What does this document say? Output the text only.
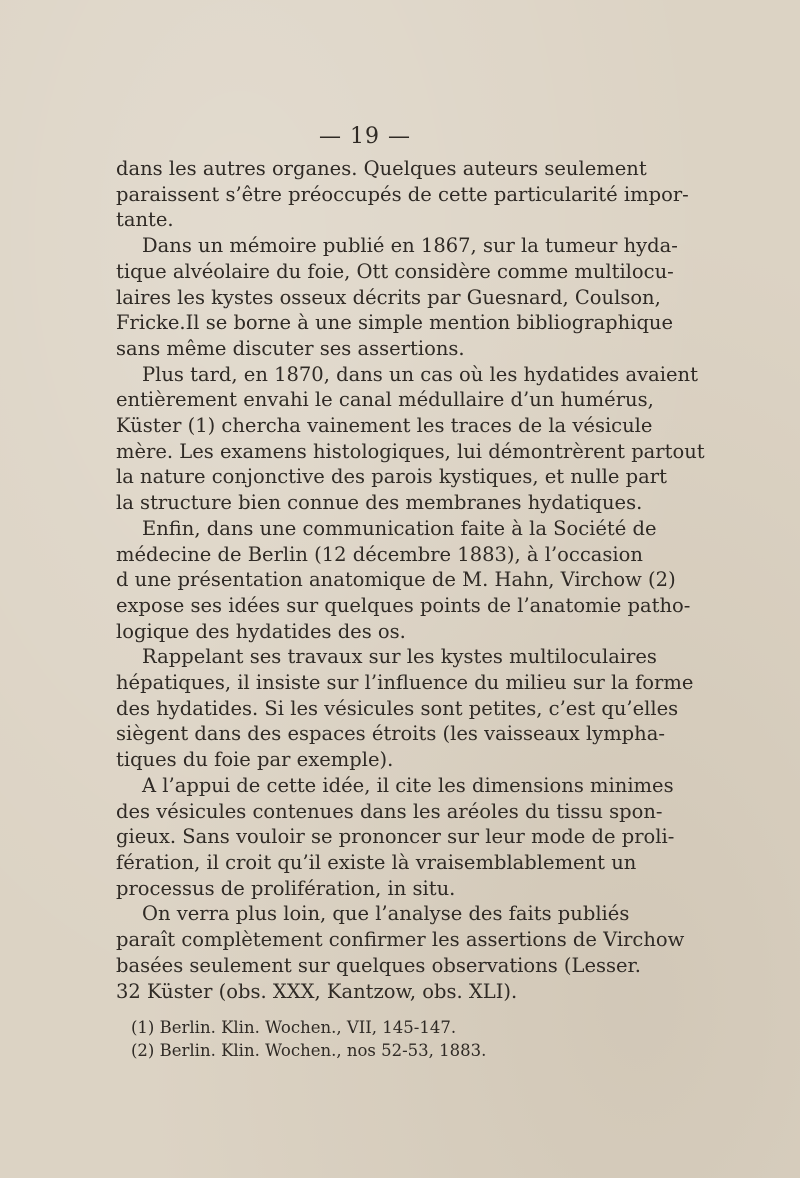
— 19 —
dans les autres organes. Quelques auteurs seulement
paraissent s’être préoccupés de cette particularité impor-
tante.
Dans un mémoire publié en 1867, sur la tumeur hyda-
tique alvéolaire du foie, Ott considère comme multilocu-
laires les kystes osseux décrits par Guesnard, Coulson,
Fricke.Il se borne à une simple mention bibliographique
sans même discuter ses assertions.
Plus tard, en 1870, dans un cas où les hydatides avaient
entièrement envahi le canal médullaire d’un humérus,
Küster (1) chercha vainement les traces de la vésicule
mère. Les examens histologiques, lui démontrèrent partout
la nature conjonctive des parois kystiques, et nulle part
la structure bien connue des membranes hydatiques.
Enfin, dans une communication faite à la Société de
médecine de Berlin (12 décembre 1883), à l’occasion
d une présentation anatomique de M. Hahn, Virchow (2)
expose ses idées sur quelques points de l’anatomie patho-
logique des hydatides des os.
Rappelant ses travaux sur les kystes multiloculaires
hépatiques, il insiste sur l’influence du milieu sur la forme
des hydatides. Si les vésicules sont petites, c’est qu’elles
siègent dans des espaces étroits (les vaisseaux lympha-
tiques du foie par exemple).
A l’appui de cette idée, il cite les dimensions minimes
des vésicules contenues dans les aréoles du tissu spon-
gieux. Sans vouloir se prononcer sur leur mode de proli-
fération, il croit qu’il existe là vraisemblablement un
processus de prolifération, in situ.
On verra plus loin, que l’analyse des faits publiés
paraît complètement confirmer les assertions de Virchow
basées seulement sur quelques observations (Lesser.
32 Küster (obs. XXX, Kantzow, obs. XLI).
(1) Berlin. Klin. Wochen., VII, 145-147.
(2) Berlin. Klin. Wochen., nos 52-53, 1883.
